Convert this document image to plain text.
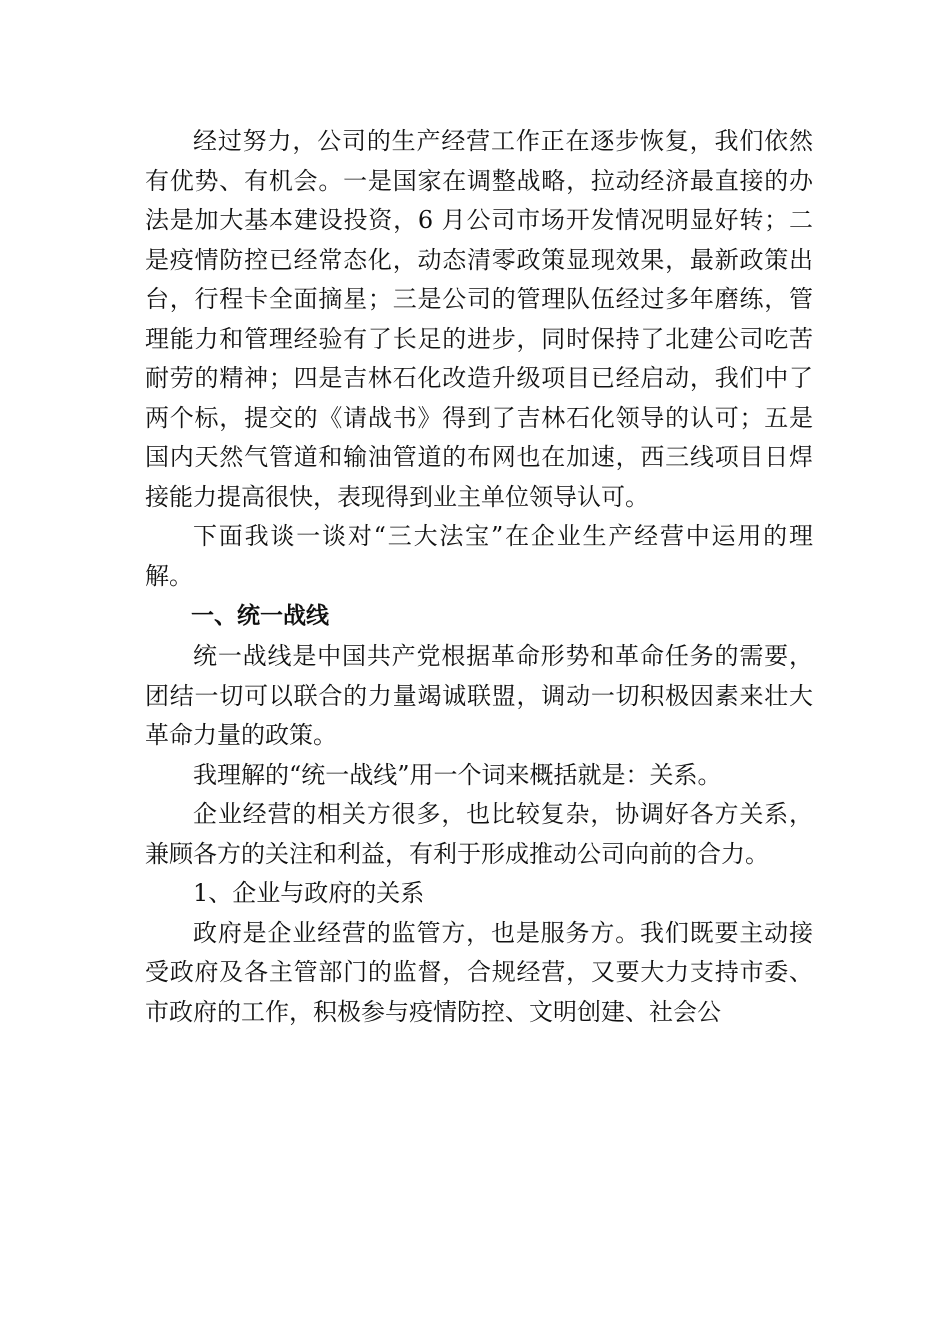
经过努力，公司的生产经营工作正在逐步恢复，我们依然有优势、有机会。一是国家在调整战略，拉动经济最直接的办法是加大基本建设投资，6 月公司市场开发情况明显好转；二是疫情防控已经常态化，动态清零政策显现效果，最新政策出台，行程卡全面摘星；三是公司的管理队伍经过多年磨练，管理能力和管理经验有了长足的进步，同时保持了北建公司吃苦耐劳的精神；四是吉林石化改造升级项目已经启动，我们中了两个标，提交的《请战书》得到了吉林石化领导的认可；五是国内天然气管道和输油管道的布网也在加速，西三线项目日焊接能力提高很快，表现得到业主单位领导认可。

下面我谈一谈对“三大法宝”在企业生产经营中运用的理解。

一、统一战线

统一战线是中国共产党根据革命形势和革命任务的需要，团结一切可以联合的力量竭诚联盟，调动一切积极因素来壮大革命力量的政策。

我理解的“统一战线”用一个词来概括就是：关系。

企业经营的相关方很多，也比较复杂，协调好各方关系，兼顾各方的关注和利益，有利于形成推动公司向前的合力。

1、企业与政府的关系

政府是企业经营的监管方，也是服务方。我们既要主动接受政府及各主管部门的监督，合规经营，又要大力支持市委、市政府的工作，积极参与疫情防控、文明创建、社会公
